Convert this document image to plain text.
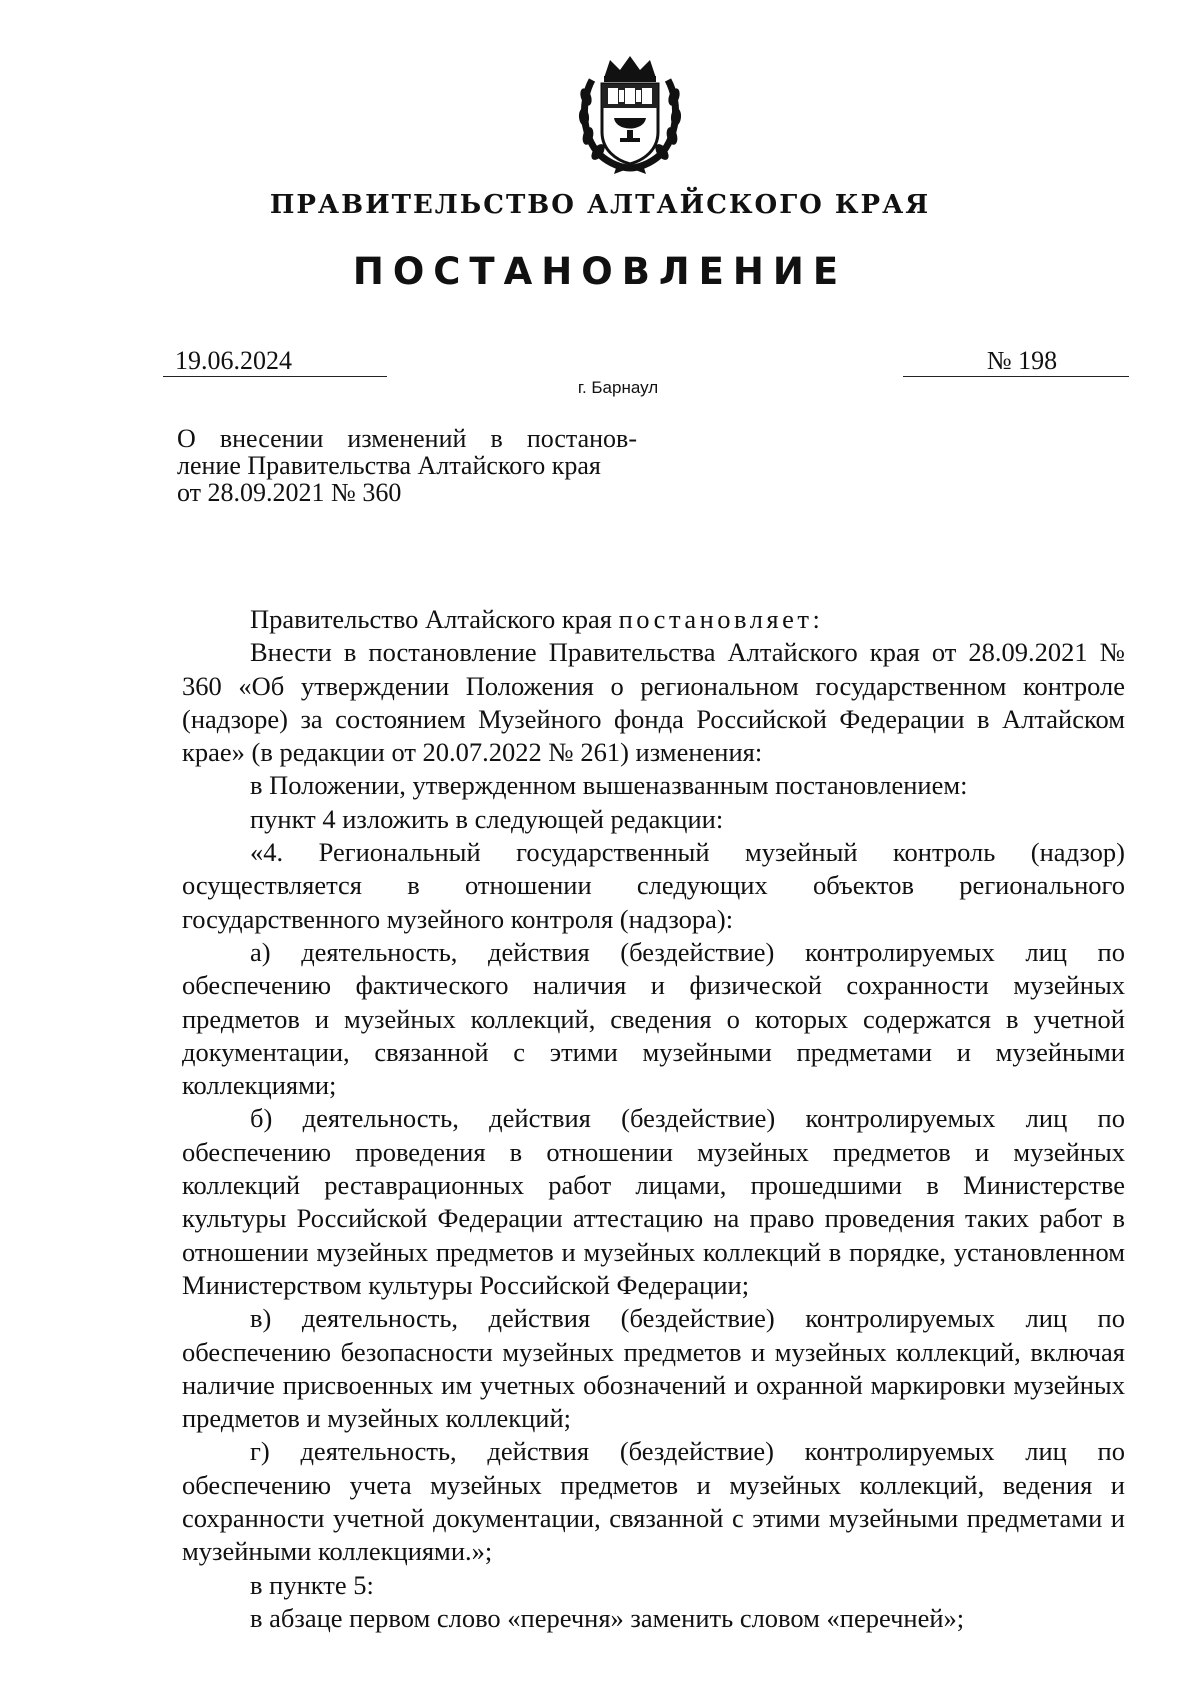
ПРАВИТЕЛЬСТВО АЛТАЙСКОГО КРАЯ
ПОСТАНОВЛЕНИЕ
19.06.2024	№ 198
г. Барнаул
О внесении изменений в постанов-
ление Правительства Алтайского края
от 28.09.2021 № 360
Правительство Алтайского края постановляет:

Внести в постановление Правительства Алтайского края от 28.09.2021 № 360 «Об утверждении Положения о региональном государственном контроле (надзоре) за состоянием Музейного фонда Российской Федерации в Алтайском крае» (в редакции от 20.07.2022 № 261) изменения:

в Положении, утвержденном вышеназванным постановлением:

пункт 4 изложить в следующей редакции:

«4. Региональный государственный музейный контроль (надзор) осуществляется в отношении следующих объектов регионального государственного музейного контроля (надзора):

а) деятельность, действия (бездействие) контролируемых лиц по обеспечению фактического наличия и физической сохранности музейных предметов и музейных коллекций, сведения о которых содержатся в учетной документации, связанной с этими музейными предметами и музейными коллекциями;

б) деятельность, действия (бездействие) контролируемых лиц по обеспечению проведения в отношении музейных предметов и музейных коллекций реставрационных работ лицами, прошедшими в Министерстве культуры Российской Федерации аттестацию на право проведения таких работ в отношении музейных предметов и музейных коллекций в порядке, установленном Министерством культуры Российской Федерации;

в) деятельность, действия (бездействие) контролируемых лиц по обеспечению безопасности музейных предметов и музейных коллекций, включая наличие присвоенных им учетных обозначений и охранной маркировки музейных предметов и музейных коллекций;

г) деятельность, действия (бездействие) контролируемых лиц по обеспечению учета музейных предметов и музейных коллекций, ведения и сохранности учетной документации, связанной с этими музейными предметами и музейными коллекциями.»;

в пункте 5:

в абзаце первом слово «перечня» заменить словом «перечней»;
